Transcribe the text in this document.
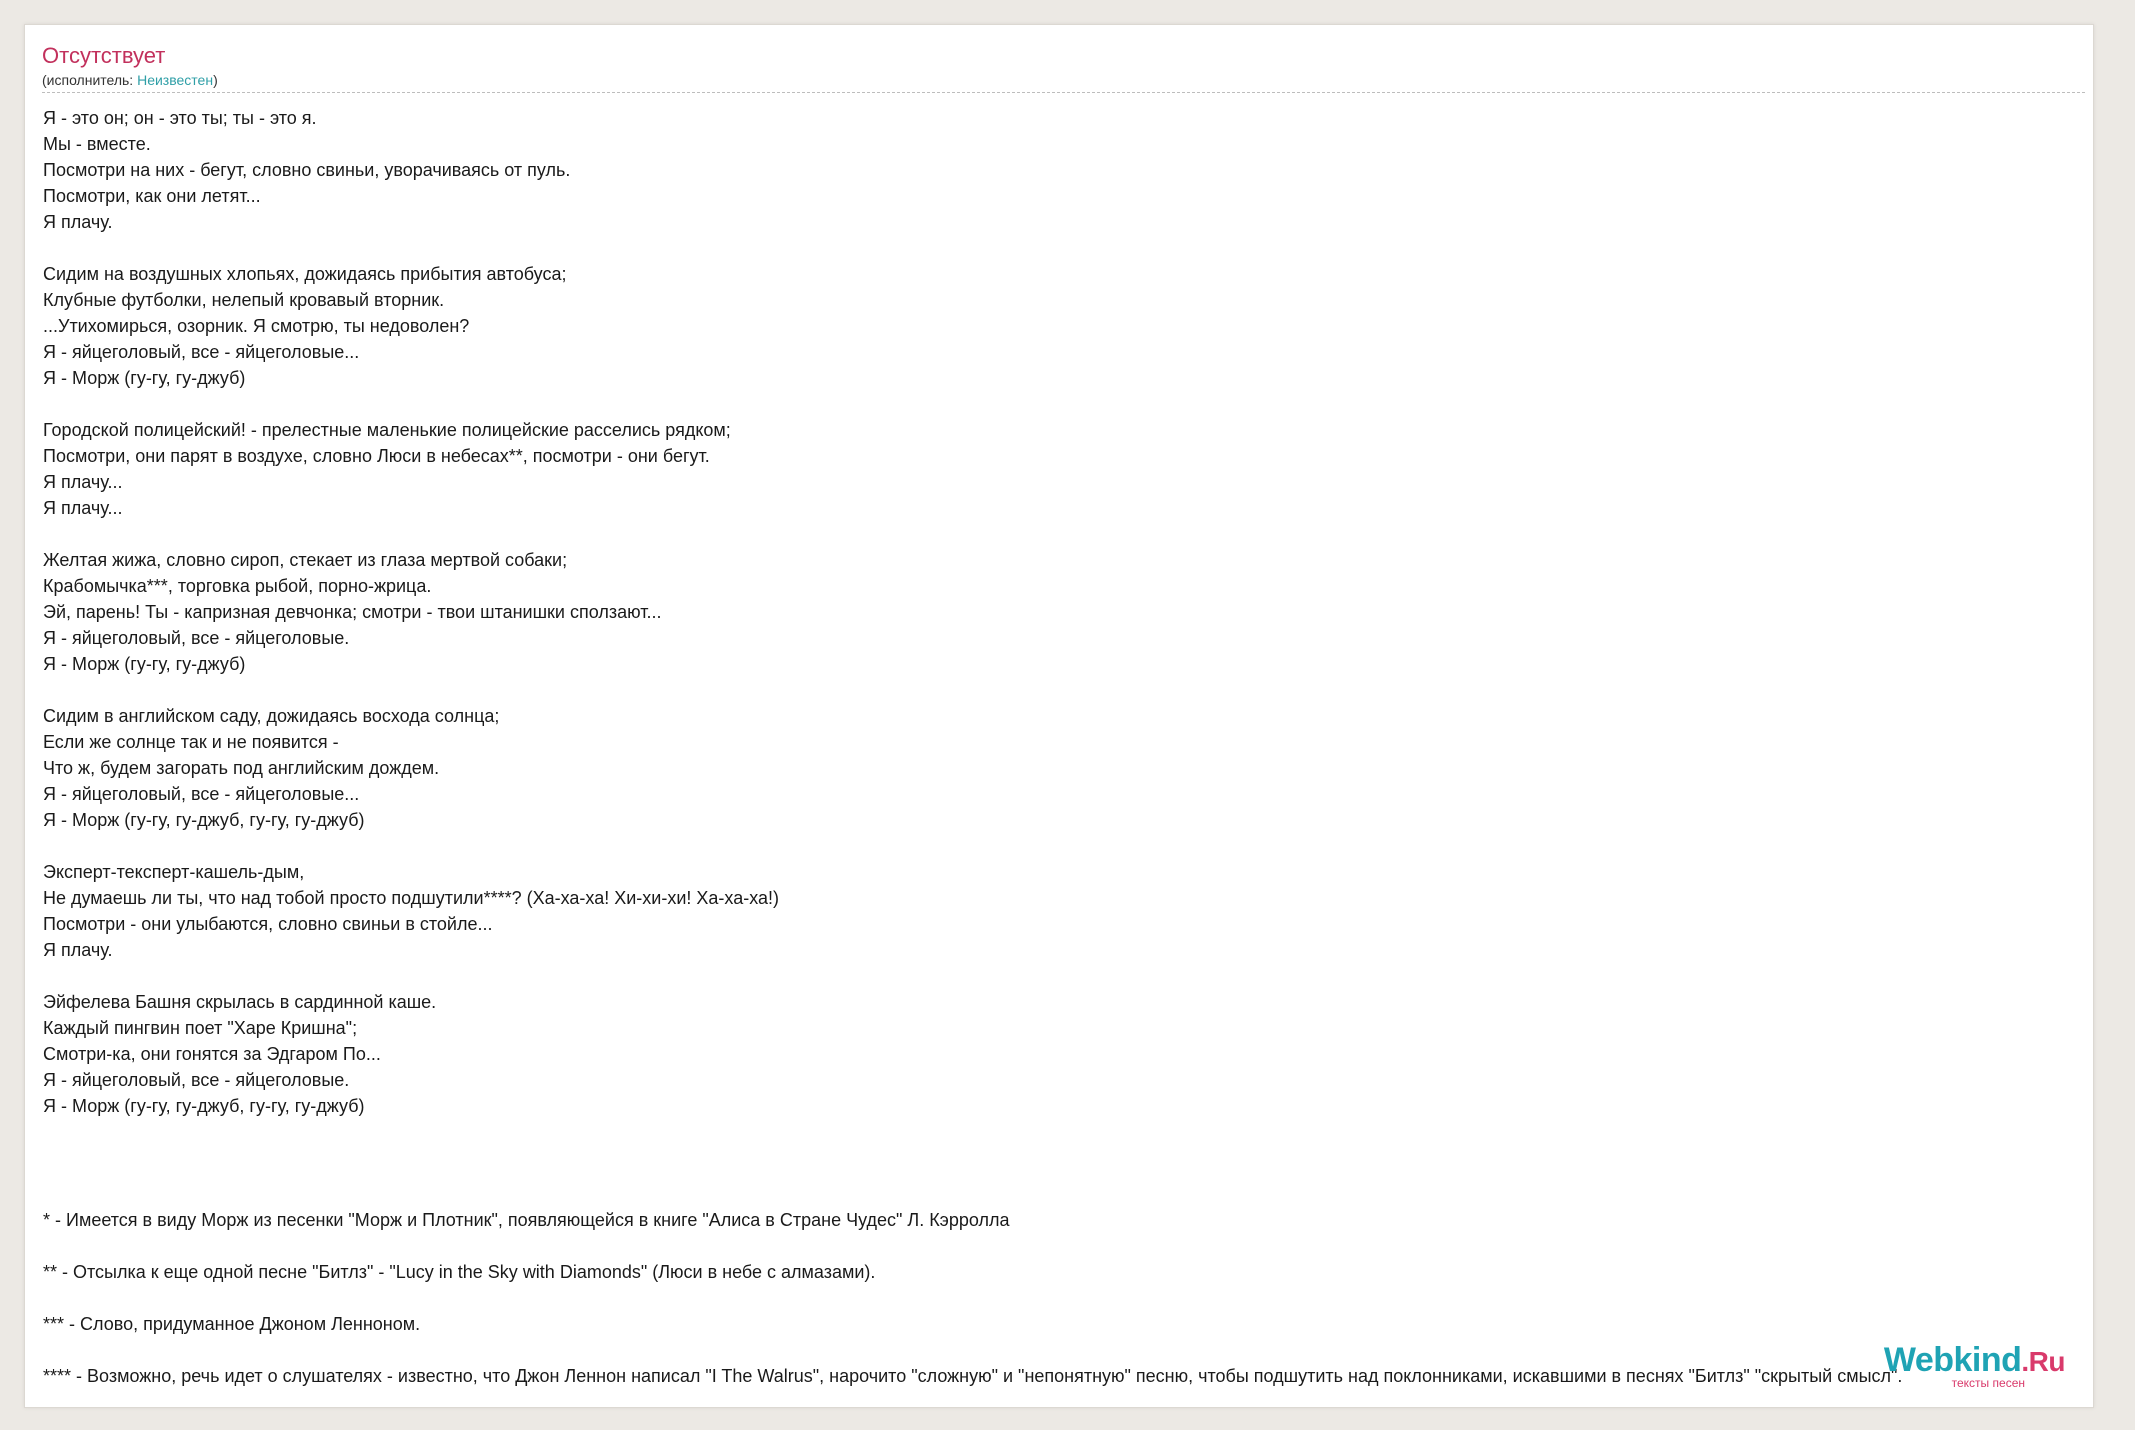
Отсутствует
(исполнитель: Неизвестен)
Я - это он; он - это ты; ты - это я.
Мы - вместе.
Посмотри на них - бегут, словно свиньи, уворачиваясь от пуль.
Посмотри, как они летят...
Я плачу.
Сидим на воздушных хлопьях, дожидаясь прибытия автобуса;
Клубные футболки, нелепый кровавый вторник.
...Утихомирься, озорник. Я смотрю, ты недоволен?
Я - яйцеголовый, все - яйцеголовые...
Я - Морж (гу-гу, гу-джуб)
Городской полицейский! - прелестные маленькие полицейские расселись рядком;
Посмотри, они парят в воздухе, словно Люси в небесах**, посмотри - они бегут.
Я плачу...
Я плачу...
Желтая жижа, словно сироп, стекает из глаза мертвой собаки;
Крабомычка***, торговка рыбой, порно-жрица.
Эй, парень! Ты - капризная девчонка; смотри - твои штанишки сползают...
Я - яйцеголовый, все - яйцеголовые.
Я - Морж (гу-гу, гу-джуб)
Сидим в английском саду, дожидаясь восхода солнца;
Если же солнце так и не появится -
Что ж, будем загорать под английским дождем.
Я - яйцеголовый, все - яйцеголовые...
Я - Морж (гу-гу, гу-джуб, гу-гу, гу-джуб)
Эксперт-тексперт-кашель-дым,
Не думаешь ли ты, что над тобой просто подшутили****? (Ха-ха-ха! Хи-хи-хи! Ха-ха-ха!)
Посмотри - они улыбаются, словно свиньи в стойле...
Я плачу.
Эйфелева Башня скрылась в сардинной каше.
Каждый пингвин поет "Харе Кришна";
Смотри-ка, они гонятся за Эдгаром По...
Я - яйцеголовый, все - яйцеголовые.
Я - Морж (гу-гу, гу-джуб, гу-гу, гу-джуб)
* - Имеется в виду Морж из песенки "Морж и Плотник", появляющейся в книге "Алиса в Стране Чудес" Л. Кэрролла
** - Отсылка к еще одной песне "Битлз" - "Lucy in the Sky with Diamonds" (Люси в небе с алмазами).
*** - Слово, придуманное Джоном Ленноном.
**** - Возможно, речь идет о слушателях - известно, что Джон Леннон написал "I The Walrus", нарочито "сложную" и "непонятную" песню, чтобы подшутить над поклонниками, искавшими в песнях "Битлз" "скрытый смысл".
Webkind.Ru
тексты песен
